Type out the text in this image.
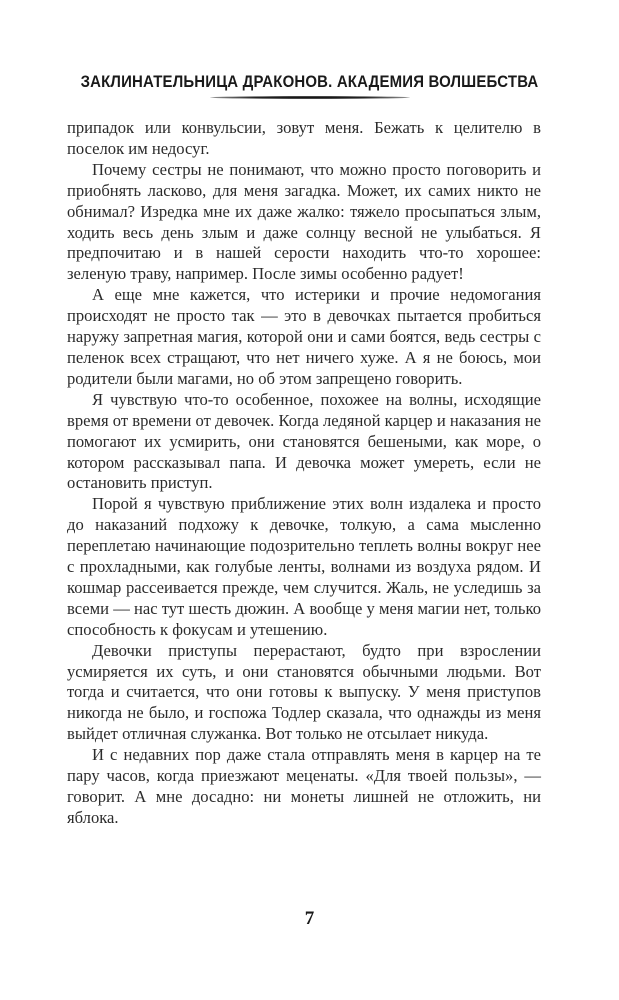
ЗАКЛИНАТЕЛЬНИЦА ДРАКОНОВ. АКАДЕМИЯ ВОЛШЕБСТВА

припадок или конвульсии, зовут меня. Бежать к целителю в поселок им недосуг.

Почему сестры не понимают, что можно просто поговорить и приобнять ласково, для меня загадка. Может, их самих никто не обнимал? Изредка мне их даже жалко: тяжело просыпаться злым, ходить весь день злым и даже солнцу весной не улыбаться. Я предпочитаю и в нашей серости находить что-то хорошее: зеленую траву, например. После зимы особенно радует!

А еще мне кажется, что истерики и прочие недомогания происходят не просто так — это в девочках пытается пробиться наружу запретная магия, которой они и сами боятся, ведь сестры с пеленок всех стращают, что нет ничего хуже. А я не боюсь, мои родители были магами, но об этом запрещено говорить.

Я чувствую что-то особенное, похожее на волны, исходящие время от времени от девочек. Когда ледяной карцер и наказания не помогают их усмирить, они становятся бешеными, как море, о котором рассказывал папа. И девочка может умереть, если не остановить приступ.

Порой я чувствую приближение этих волн издалека и просто до наказаний подхожу к девочке, толкую, а сама мысленно переплетаю начинающие подозрительно теплеть волны вокруг нее с прохладными, как голубые ленты, волнами из воздуха рядом. И кошмар рассеивается прежде, чем случится. Жаль, не уследишь за всеми — нас тут шесть дюжин. А вообще у меня магии нет, только способность к фокусам и утешению.

Девочки приступы перерастают, будто при взрослении усмиряется их суть, и они становятся обычными людьми. Вот тогда и считается, что они готовы к выпуску. У меня приступов никогда не было, и госпожа Тодлер сказала, что однажды из меня выйдет отличная служанка. Вот только не отсылает никуда.

И с недавних пор даже стала отправлять меня в карцер на те пару часов, когда приезжают меценаты. «Для твоей пользы», — говорит. А мне досадно: ни монеты лишней не отложить, ни яблока.

7
